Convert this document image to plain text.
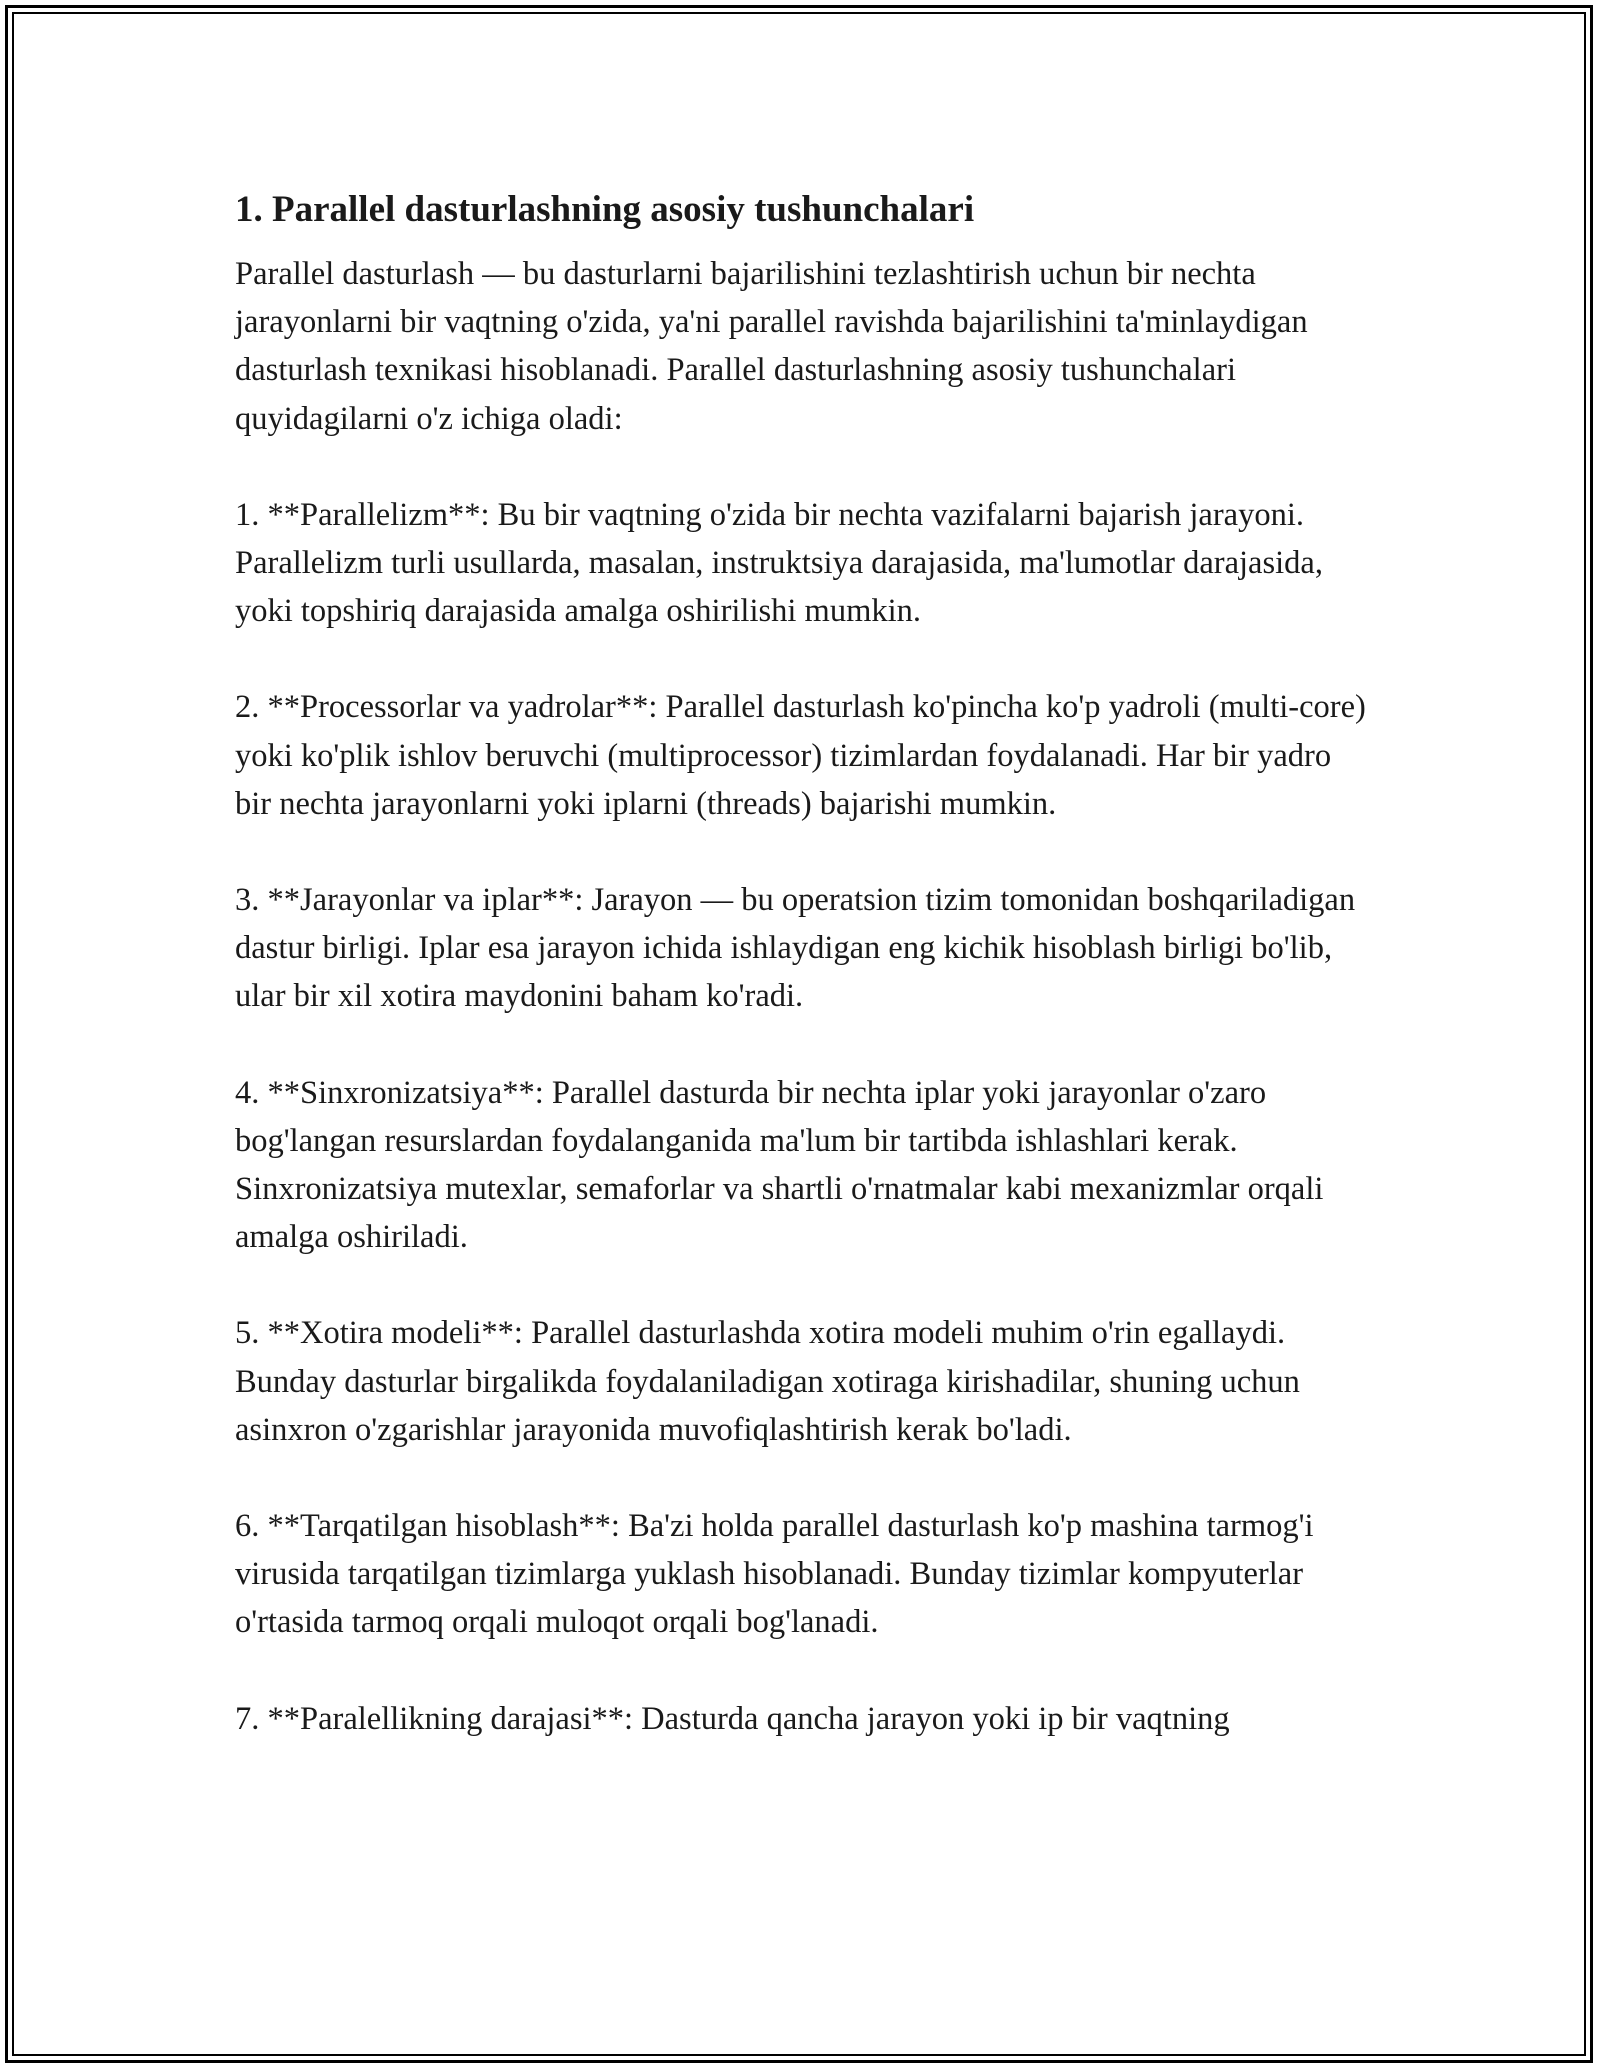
1. Parallel dasturlashning asosiy tushunchalari

Parallel dasturlash — bu dasturlarni bajarilishini tezlashtirish uchun bir nechta jarayonlarni bir vaqtning o'zida, ya'ni parallel ravishda bajarilishini ta'minlaydigan dasturlash texnikasi hisoblanadi. Parallel dasturlashning asosiy tushunchalari quyidagilarni o'z ichiga oladi:

1. **Parallelizm**: Bu bir vaqtning o'zida bir nechta vazifalarni bajarish jarayoni. Parallelizm turli usullarda, masalan, instruktsiya darajasida, ma'lumotlar darajasida, yoki topshiriq darajasida amalga oshirilishi mumkin.

2. **Processorlar va yadrolar**: Parallel dasturlash ko'pincha ko'p yadroli (multi-core) yoki ko'plik ishlov beruvchi (multiprocessor) tizimlardan foydalanadi. Har bir yadro bir nechta jarayonlarni yoki iplarni (threads) bajarishi mumkin.

3. **Jarayonlar va iplar**: Jarayon — bu operatsion tizim tomonidan boshqariladigan dastur birligi. Iplar esa jarayon ichida ishlaydigan eng kichik hisoblash birligi bo'lib, ular bir xil xotira maydonini baham ko'radi.

4. **Sinxronizatsiya**: Parallel dasturda bir nechta iplar yoki jarayonlar o'zaro bog'langan resurslardan foydalanganida ma'lum bir tartibda ishlashlari kerak. Sinxronizatsiya mutexlar, semaforlar va shartli o'rnatmalar kabi mexanizmlar orqali amalga oshiriladi.

5. **Xotira modeli**: Parallel dasturlashda xotira modeli muhim o'rin egallaydi. Bunday dasturlar birgalikda foydalaniladigan xotiraga kirishadilar, shuning uchun asinxron o'zgarishlar jarayonida muvofiqlashtirish kerak bo'ladi.

6. **Tarqatilgan hisoblash**: Ba'zi holda parallel dasturlash ko'p mashina tarmog'i virusida tarqatilgan tizimlarga yuklash hisoblanadi. Bunday tizimlar kompyuterlar o'rtasida tarmoq orqali muloqot orqali bog'lanadi.

7. **Paralellikning darajasi**: Dasturda qancha jarayon yoki ip bir vaqtning
